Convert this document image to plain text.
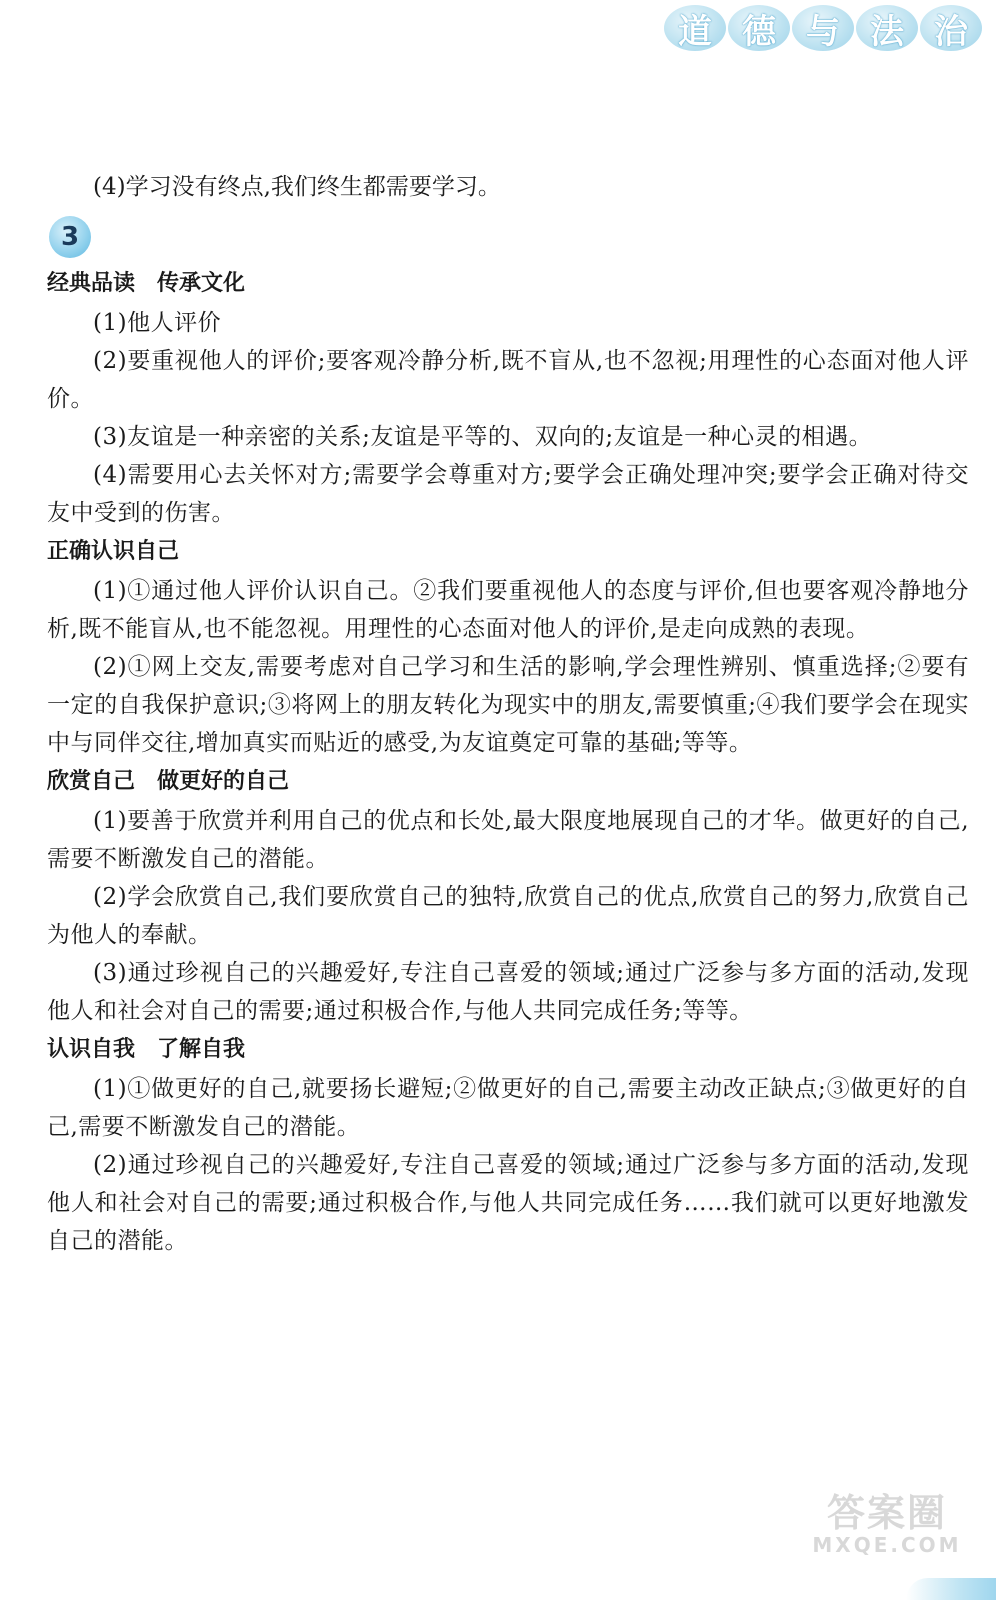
道 德 与 法 治

(4)学习没有终点,我们终生都需要学习。

3

经典品读　传承文化

(1)他人评价

(2)要重视他人的评价;要客观冷静分析,既不盲从,也不忽视;用理性的心态面对他人评价。

(3)友谊是一种亲密的关系;友谊是平等的、双向的;友谊是一种心灵的相遇。

(4)需要用心去关怀对方;需要学会尊重对方;要学会正确处理冲突;要学会正确对待交友中受到的伤害。

正确认识自己

(1)①通过他人评价认识自己。②我们要重视他人的态度与评价,但也要客观冷静地分析,既不能盲从,也不能忽视。用理性的心态面对他人的评价,是走向成熟的表现。

(2)①网上交友,需要考虑对自己学习和生活的影响,学会理性辨别、慎重选择;②要有一定的自我保护意识;③将网上的朋友转化为现实中的朋友,需要慎重;④我们要学会在现实中与同伴交往,增加真实而贴近的感受,为友谊奠定可靠的基础;等等。

欣赏自己　做更好的自己

(1)要善于欣赏并利用自己的优点和长处,最大限度地展现自己的才华。做更好的自己,需要不断激发自己的潜能。

(2)学会欣赏自己,我们要欣赏自己的独特,欣赏自己的优点,欣赏自己的努力,欣赏自己为他人的奉献。

(3)通过珍视自己的兴趣爱好,专注自己喜爱的领域;通过广泛参与多方面的活动,发现他人和社会对自己的需要;通过积极合作,与他人共同完成任务;等等。

认识自我　了解自我

(1)①做更好的自己,就要扬长避短;②做更好的自己,需要主动改正缺点;③做更好的自己,需要不断激发自己的潜能。

(2)通过珍视自己的兴趣爱好,专注自己喜爱的领域;通过广泛参与多方面的活动,发现他人和社会对自己的需要;通过积极合作,与他人共同完成任务……我们就可以更好地激发自己的潜能。

答案圈
MXQE.COM
